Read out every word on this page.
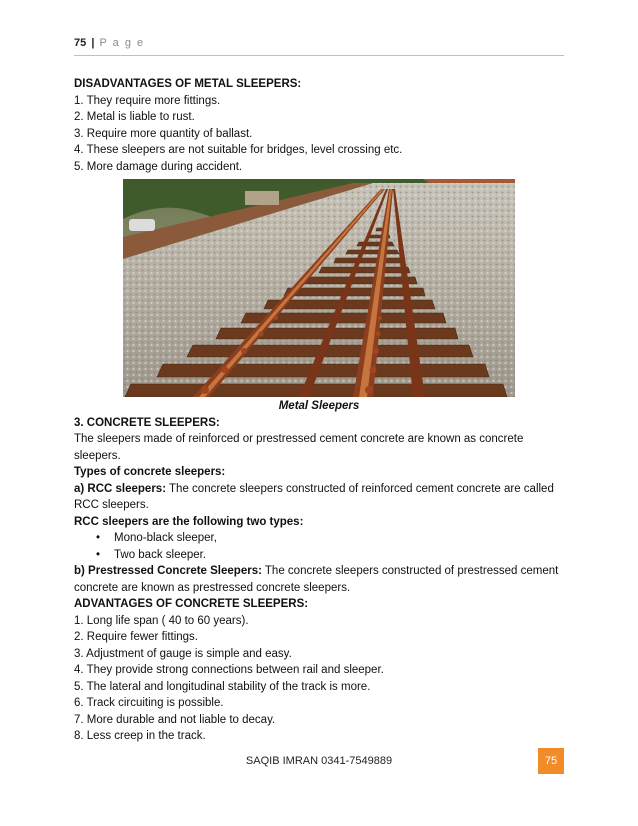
75 | P a g e
DISADVANTAGES OF METAL SLEEPERS:
1. They require more fittings.
2. Metal is liable to rust.
3. Require more quantity of ballast.
4. These sleepers are not suitable for bridges, level crossing etc.
5. More damage during accident.
Metal Sleepers
3. CONCRETE SLEEPERS:
The sleepers made of reinforced or prestressed cement concrete are known as concrete sleepers.
Types of concrete sleepers:
a) RCC sleepers: The concrete sleepers constructed of reinforced cement concrete are called RCC sleepers.
RCC sleepers are the following two types:
• Mono-black sleeper,
• Two back sleeper.
b) Prestressed Concrete Sleepers: The concrete sleepers constructed of prestressed cement concrete are known as prestressed concrete sleepers.
ADVANTAGES OF CONCRETE SLEEPERS:
1. Long life span ( 40 to 60 years).
2. Require fewer fittings.
3. Adjustment of gauge is simple and easy.
4. They provide strong connections between rail and sleeper.
5. The lateral and longitudinal stability of the track is more.
6. Track circuiting is possible.
7. More durable and not liable to decay.
8. Less creep in the track.
SAQIB IMRAN 0341-7549889	75
